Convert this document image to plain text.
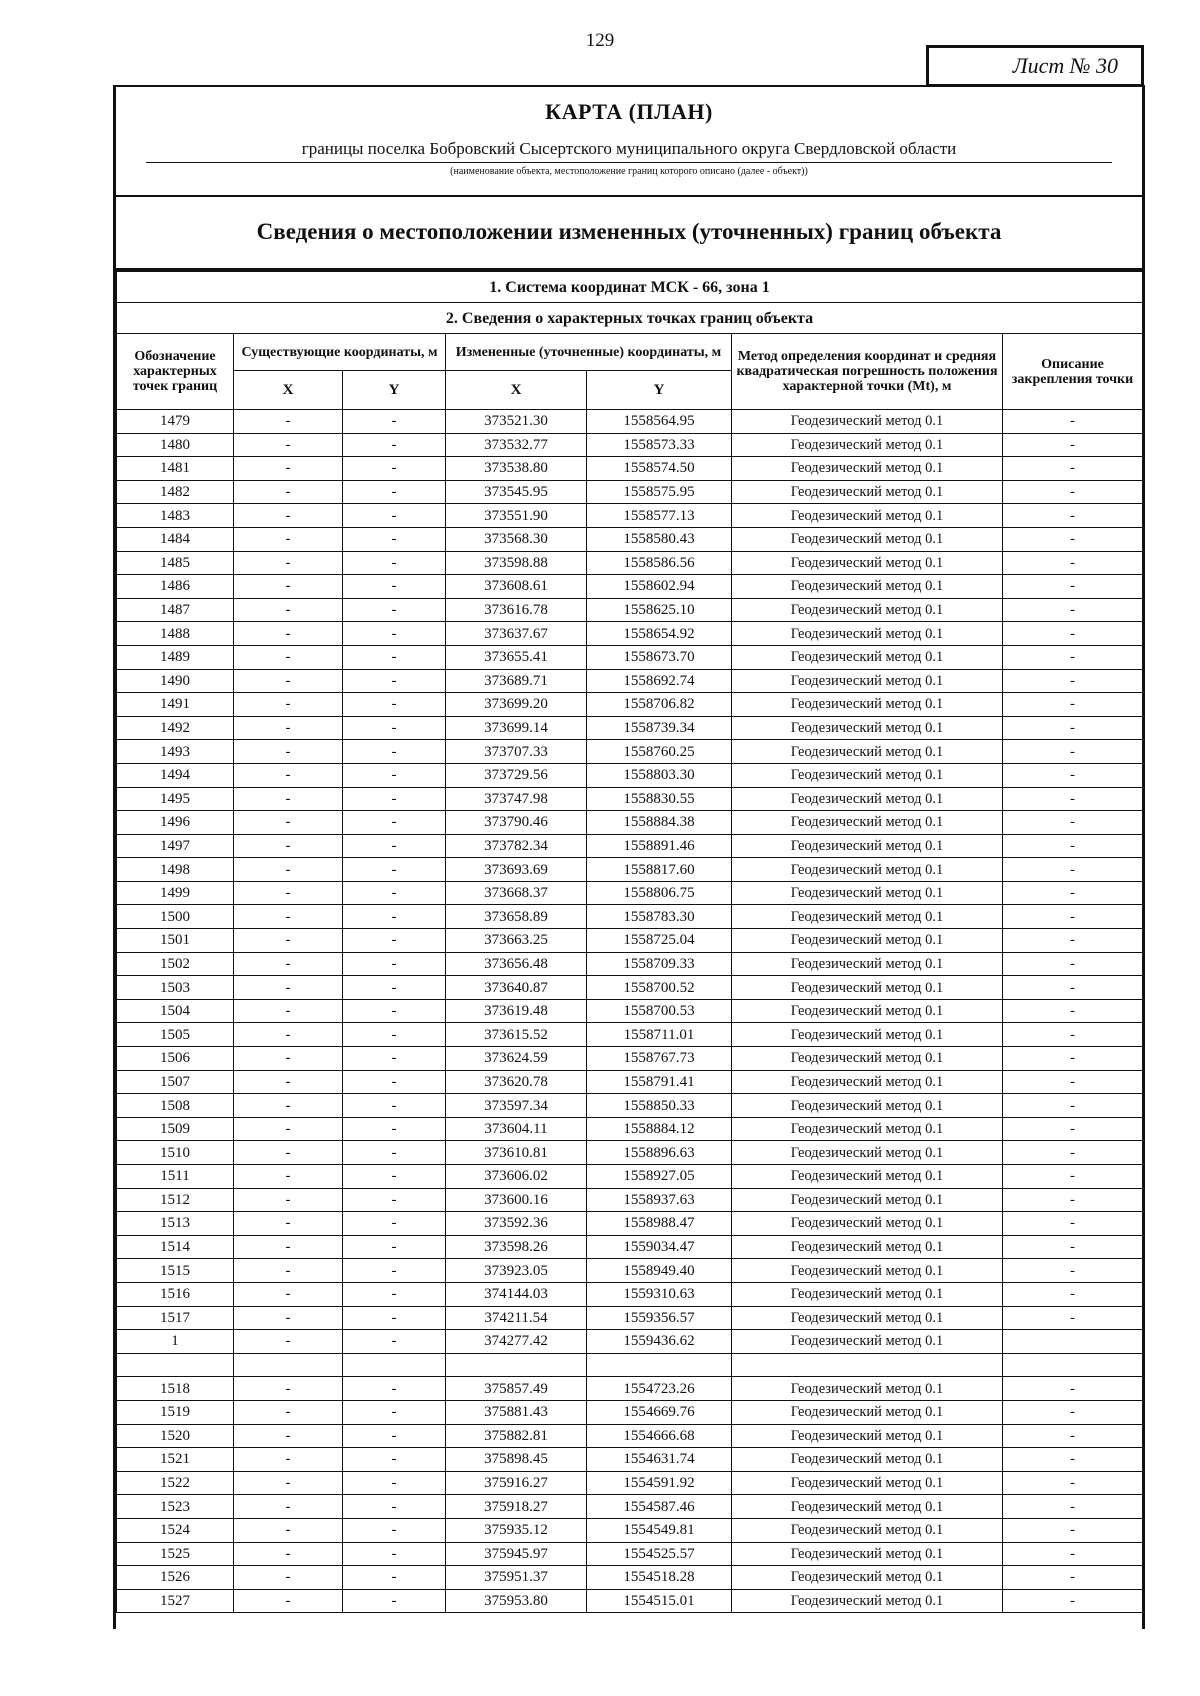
129
Лист № 30
КАРТА (ПЛАН)
границы поселка Бобровский Сысертского муниципального округа Свердловской области
(наименование объекта, местоположение границ которого описано (далее - объект))
Сведения о местоположении измененных (уточненных) границ объекта
1. Система координат МСК - 66, зона 1						
2. Сведения о характерных точках границ объекта						
Обозначение характерных точек границ	Существующие координаты, м		Измененные (уточненные) координаты, м		Метод определения координат и средняя квадратическая погрешность положения характерной точки (Mt), м	Описание закрепления точки
	X	Y	X	Y		
1479	-	-	373521.30	1558564.95	Геодезический метод 0.1	-
1480	-	-	373532.77	1558573.33	Геодезический метод 0.1	-
1481	-	-	373538.80	1558574.50	Геодезический метод 0.1	-
1482	-	-	373545.95	1558575.95	Геодезический метод 0.1	-
1483	-	-	373551.90	1558577.13	Геодезический метод 0.1	-
1484	-	-	373568.30	1558580.43	Геодезический метод 0.1	-
1485	-	-	373598.88	1558586.56	Геодезический метод 0.1	-
1486	-	-	373608.61	1558602.94	Геодезический метод 0.1	-
1487	-	-	373616.78	1558625.10	Геодезический метод 0.1	-
1488	-	-	373637.67	1558654.92	Геодезический метод 0.1	-
1489	-	-	373655.41	1558673.70	Геодезический метод 0.1	-
1490	-	-	373689.71	1558692.74	Геодезический метод 0.1	-
1491	-	-	373699.20	1558706.82	Геодезический метод 0.1	-
1492	-	-	373699.14	1558739.34	Геодезический метод 0.1	-
1493	-	-	373707.33	1558760.25	Геодезический метод 0.1	-
1494	-	-	373729.56	1558803.30	Геодезический метод 0.1	-
1495	-	-	373747.98	1558830.55	Геодезический метод 0.1	-
1496	-	-	373790.46	1558884.38	Геодезический метод 0.1	-
1497	-	-	373782.34	1558891.46	Геодезический метод 0.1	-
1498	-	-	373693.69	1558817.60	Геодезический метод 0.1	-
1499	-	-	373668.37	1558806.75	Геодезический метод 0.1	-
1500	-	-	373658.89	1558783.30	Геодезический метод 0.1	-
1501	-	-	373663.25	1558725.04	Геодезический метод 0.1	-
1502	-	-	373656.48	1558709.33	Геодезический метод 0.1	-
1503	-	-	373640.87	1558700.52	Геодезический метод 0.1	-
1504	-	-	373619.48	1558700.53	Геодезический метод 0.1	-
1505	-	-	373615.52	1558711.01	Геодезический метод 0.1	-
1506	-	-	373624.59	1558767.73	Геодезический метод 0.1	-
1507	-	-	373620.78	1558791.41	Геодезический метод 0.1	-
1508	-	-	373597.34	1558850.33	Геодезический метод 0.1	-
1509	-	-	373604.11	1558884.12	Геодезический метод 0.1	-
1510	-	-	373610.81	1558896.63	Геодезический метод 0.1	-
1511	-	-	373606.02	1558927.05	Геодезический метод 0.1	-
1512	-	-	373600.16	1558937.63	Геодезический метод 0.1	-
1513	-	-	373592.36	1558988.47	Геодезический метод 0.1	-
1514	-	-	373598.26	1559034.47	Геодезический метод 0.1	-
1515	-	-	373923.05	1558949.40	Геодезический метод 0.1	-
1516	-	-	374144.03	1559310.63	Геодезический метод 0.1	-
1517	-	-	374211.54	1559356.57	Геодезический метод 0.1	-
1	-	-	374277.42	1559436.62	Геодезический метод 0.1	

1518	-	-	375857.49	1554723.26	Геодезический метод 0.1	-
1519	-	-	375881.43	1554669.76	Геодезический метод 0.1	-
1520	-	-	375882.81	1554666.68	Геодезический метод 0.1	-
1521	-	-	375898.45	1554631.74	Геодезический метод 0.1	-
1522	-	-	375916.27	1554591.92	Геодезический метод 0.1	-
1523	-	-	375918.27	1554587.46	Геодезический метод 0.1	-
1524	-	-	375935.12	1554549.81	Геодезический метод 0.1	-
1525	-	-	375945.97	1554525.57	Геодезический метод 0.1	-
1526	-	-	375951.37	1554518.28	Геодезический метод 0.1	-
1527	-	-	375953.80	1554515.01	Геодезический метод 0.1	-
